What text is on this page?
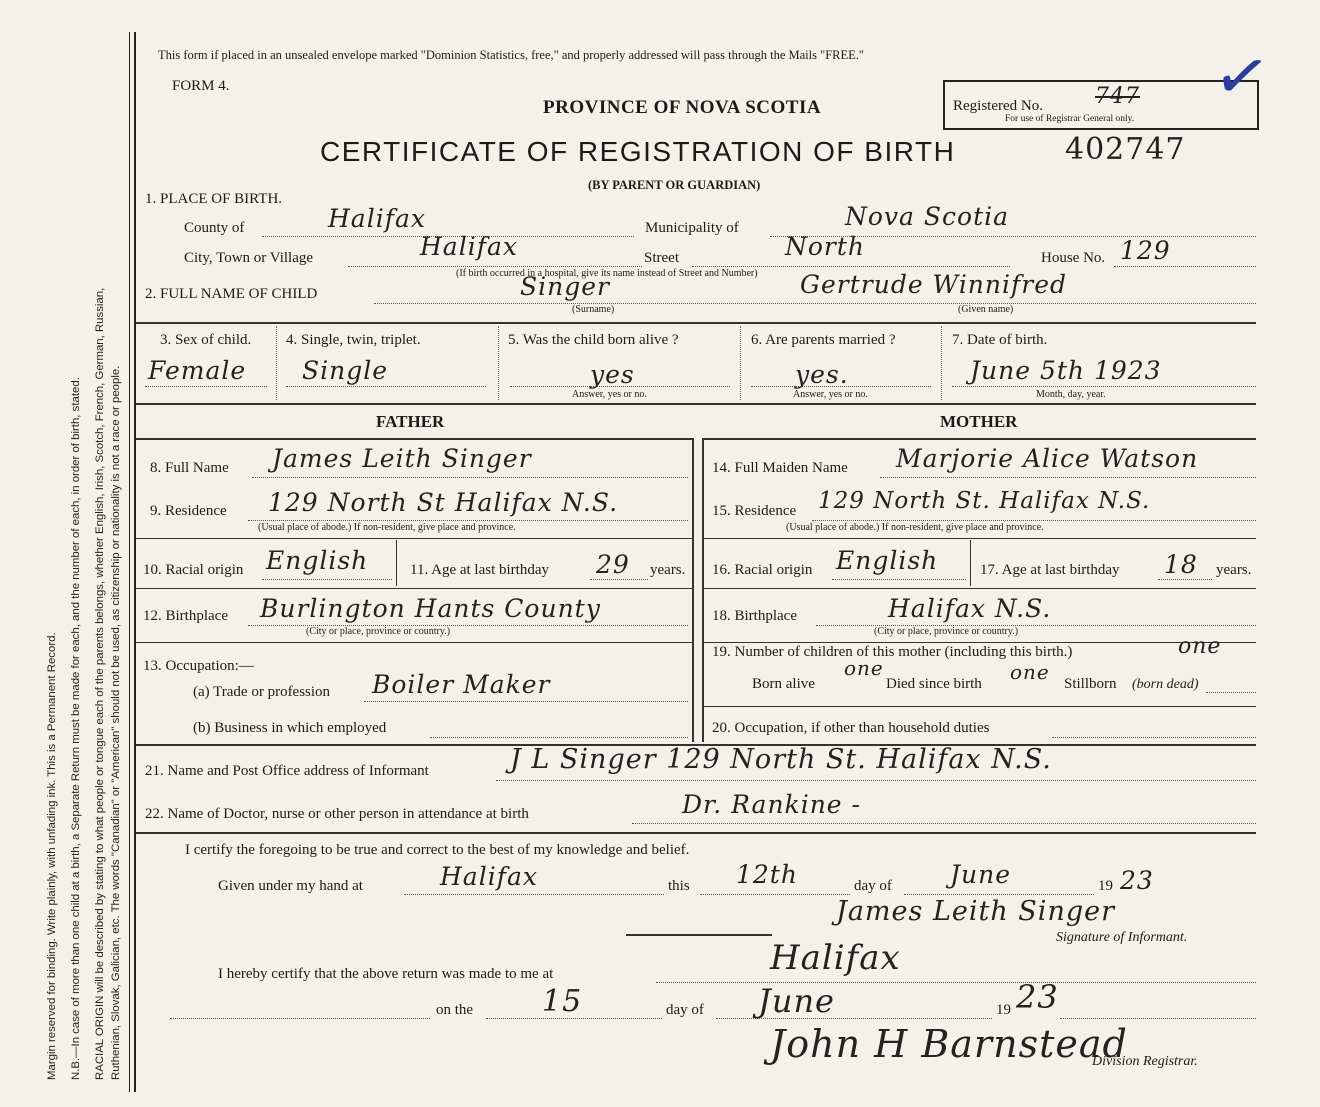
Margin reserved for binding. Write plainly, with unfading ink. This is a Permanent Record. N.B.—In case of more than one child at a birth, a Separate Return must be made for each, and the number of each, in order of birth, stated. RACIAL ORIGIN will be described by stating to what people or tongue each of the parents belongs, whether English, Irish, Scotch, French, German, Russian, Ruthenian, Slovak, Galician, etc. The words "Canadian" or "American" should not be used, as citizenship or nationality is not a race or people.
This form if placed in an unsealed envelope marked "Dominion Statistics, free," and properly addressed will pass through the Mails "FREE."
FORM 4.
PROVINCE OF NOVA SCOTIA	Registered No. 747
For use of Registrar General only.
✓
CERTIFICATE OF REGISTRATION OF BIRTH	402747
(BY PARENT OR GUARDIAN)
1. PLACE OF BIRTH.
County of	Halifax	Municipality of	Nova Scotia
City, Town or Village	Halifax	Street	North	House No. 129
(If birth occurred in a hospital, give its name instead of Street and Number)
2. FULL NAME OF CHILD	Singer	Gertrude Winnifred
(Surname)	(Given name)
3. Sex of child.
Female
4. Single, twin, triplet.
Single
5. Was the child born alive ?
yes
Answer, yes or no.
6. Are parents married ?
yes.
Answer, yes or no.
7. Date of birth.
June 5th 1923
Month, day, year.
FATHER	MOTHER
8. Full Name James Leith Singer
9. Residence 129 North St Halifax N.S.
(Usual place of abode.) If non-resident, give place and province.
10. Racial origin English	11. Age at last birthday 29 years.
12. Birthplace Burlington Hants County
(City or place, province or country.)
13. Occupation:—
(a) Trade or profession Boiler Maker
(b) Business in which employed
14. Full Maiden Name Marjorie Alice Watson
15. Residence 129 North St. Halifax N.S.
(Usual place of abode.) If non-resident, give place and province.
16. Racial origin English	17. Age at last birthday 18 years.
18. Birthplace	Halifax N.S.
(City or place, province or country.)
19. Number of children of this mother (including this birth.)	one
Born alive
one
Died since birth one Stillborn (born dead)
20. Occupation, if other than household duties
21. Name and Post Office address of Informant	J L Singer 129 North St. Halifax N.S.
22. Name of Doctor, nurse or other person in attendance at birth	Dr. Rankine -
I certify the foregoing to be true and correct to the best of my knowledge and belief.
Given under my hand at	Halifax	this 12th	day of June	19 23
James Leith Singer
Signature of Informant.
I hereby certify that the above return was made to me at	Halifax
on the 15	day of June	19 23
John H Barnstead
Division Registrar.
